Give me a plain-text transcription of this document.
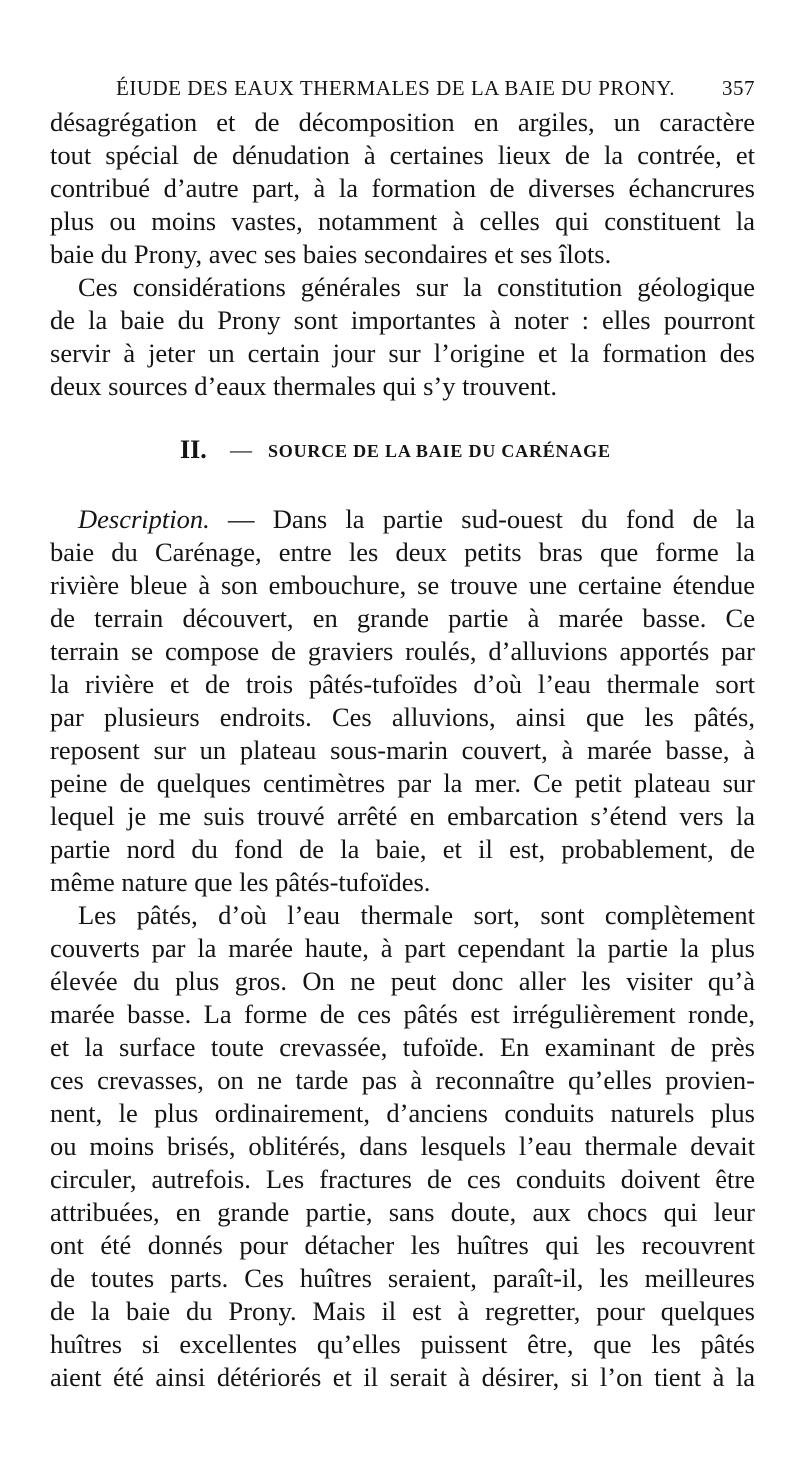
ÉIUDE DES EAUX THERMALES DE LA BAIE DU PRONY. 357

désagrégation et de décomposition en argiles, un caractère

tout spécial de dénudation à certaines lieux de la contrée, et

contribué d’autre part, à la formation de diverses échancrures

plus ou moins vastes, notamment à celles qui constituent la

baie du Prony, avec ses baies secondaires et ses îlots.

Ces considérations générales sur la constitution géologique

de la baie du Prony sont importantes à noter : elles pourront

servir à jeter un certain jour sur l’origine et la formation des

deux sources d’eaux thermales qui s’y trouvent.

II. — SOURCE DE LA BAIE DU CARÉNAGE

Description. — Dans la partie sud-ouest du fond de la

baie du Carénage, entre les deux petits bras que forme la

rivière bleue à son embouchure, se trouve une certaine étendue

de terrain découvert, en grande partie à marée basse. Ce

terrain se compose de graviers roulés, d’alluvions apportés par

la rivière et de trois pâtés-tufoïdes d’où l’eau thermale sort

par plusieurs endroits. Ces alluvions, ainsi que les pâtés,

reposent sur un plateau sous-marin couvert, à marée basse, à

peine de quelques centimètres par la mer. Ce petit plateau sur

lequel je me suis trouvé arrêté en embarcation s’étend vers la

partie nord du fond de la baie, et il est, probablement, de

même nature que les pâtés-tufoïdes.

Les pâtés, d’où l’eau thermale sort, sont complètement

couverts par la marée haute, à part cependant la partie la plus

élevée du plus gros. On ne peut donc aller les visiter qu’à

marée basse. La forme de ces pâtés est irrégulièrement ronde,

et la surface toute crevassée, tufoïde. En examinant de près

ces crevasses, on ne tarde pas à reconnaître qu’elles provien-

nent, le plus ordinairement, d’anciens conduits naturels plus

ou moins brisés, oblitérés, dans lesquels l’eau thermale devait

circuler, autrefois. Les fractures de ces conduits doivent être

attribuées, en grande partie, sans doute, aux chocs qui leur

ont été donnés pour détacher les huîtres qui les recouvrent

de toutes parts. Ces huîtres seraient, paraît-il, les meilleures

de la baie du Prony. Mais il est à regretter, pour quelques

huîtres si excellentes qu’elles puissent être, que les pâtés

aient été ainsi détériorés et il serait à désirer, si l’on tient à la
